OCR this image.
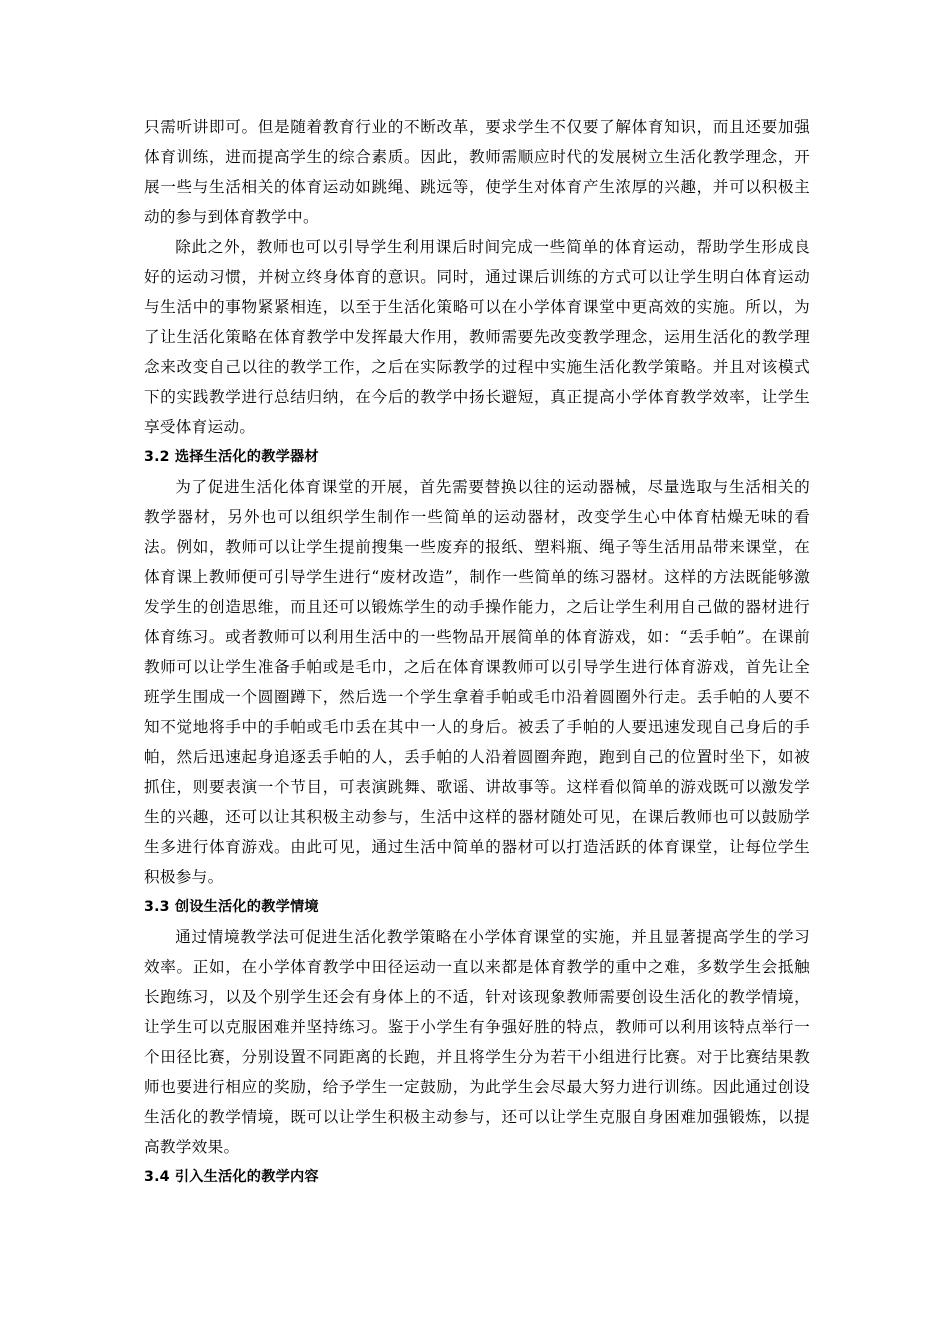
只需听讲即可。但是随着教育行业的不断改革，要求学生不仅要了解体育知识，而且还要加强体育训练，进而提高学生的综合素质。因此，教师需顺应时代的发展树立生活化教学理念，开展一些与生活相关的体育运动如跳绳、跳远等，使学生对体育产生浓厚的兴趣，并可以积极主动的参与到体育教学中。

除此之外，教师也可以引导学生利用课后时间完成一些简单的体育运动，帮助学生形成良好的运动习惯，并树立终身体育的意识。同时，通过课后训练的方式可以让学生明白体育运动与生活中的事物紧紧相连，以至于生活化策略可以在小学体育课堂中更高效的实施。所以，为了让生活化策略在体育教学中发挥最大作用，教师需要先改变教学理念，运用生活化的教学理念来改变自己以往的教学工作，之后在实际教学的过程中实施生活化教学策略。并且对该模式下的实践教学进行总结归纳，在今后的教学中扬长避短，真正提高小学体育教学效率，让学生享受体育运动。

3.2 选择生活化的教学器材

为了促进生活化体育课堂的开展，首先需要替换以往的运动器械，尽量选取与生活相关的教学器材，另外也可以组织学生制作一些简单的运动器材，改变学生心中体育枯燥无味的看法。例如，教师可以让学生提前搜集一些废弃的报纸、塑料瓶、绳子等生活用品带来课堂，在体育课上教师便可引导学生进行“废材改造”，制作一些简单的练习器材。这样的方法既能够激发学生的创造思维，而且还可以锻炼学生的动手操作能力，之后让学生利用自己做的器材进行体育练习。或者教师可以利用生活中的一些物品开展简单的体育游戏，如：“丢手帕”。在课前教师可以让学生准备手帕或是毛巾，之后在体育课教师可以引导学生进行体育游戏，首先让全班学生围成一个圆圈蹲下，然后选一个学生拿着手帕或毛巾沿着圆圈外行走。丢手帕的人要不知不觉地将手中的手帕或毛巾丢在其中一人的身后。被丢了手帕的人要迅速发现自己身后的手帕，然后迅速起身追逐丢手帕的人，丢手帕的人沿着圆圈奔跑，跑到自己的位置时坐下，如被抓住，则要表演一个节目，可表演跳舞、歌谣、讲故事等。这样看似简单的游戏既可以激发学生的兴趣，还可以让其积极主动参与，生活中这样的器材随处可见，在课后教师也可以鼓励学生多进行体育游戏。由此可见，通过生活中简单的器材可以打造活跃的体育课堂，让每位学生积极参与。

3.3 创设生活化的教学情境

通过情境教学法可促进生活化教学策略在小学体育课堂的实施，并且显著提高学生的学习效率。正如，在小学体育教学中田径运动一直以来都是体育教学的重中之难，多数学生会抵触长跑练习，以及个别学生还会有身体上的不适，针对该现象教师需要创设生活化的教学情境，让学生可以克服困难并坚持练习。鉴于小学生有争强好胜的特点，教师可以利用该特点举行一个田径比赛，分别设置不同距离的长跑，并且将学生分为若干小组进行比赛。对于比赛结果教师也要进行相应的奖励，给予学生一定鼓励，为此学生会尽最大努力进行训练。因此通过创设生活化的教学情境，既可以让学生积极主动参与，还可以让学生克服自身困难加强锻炼，以提高教学效果。

3.4 引入生活化的教学内容
